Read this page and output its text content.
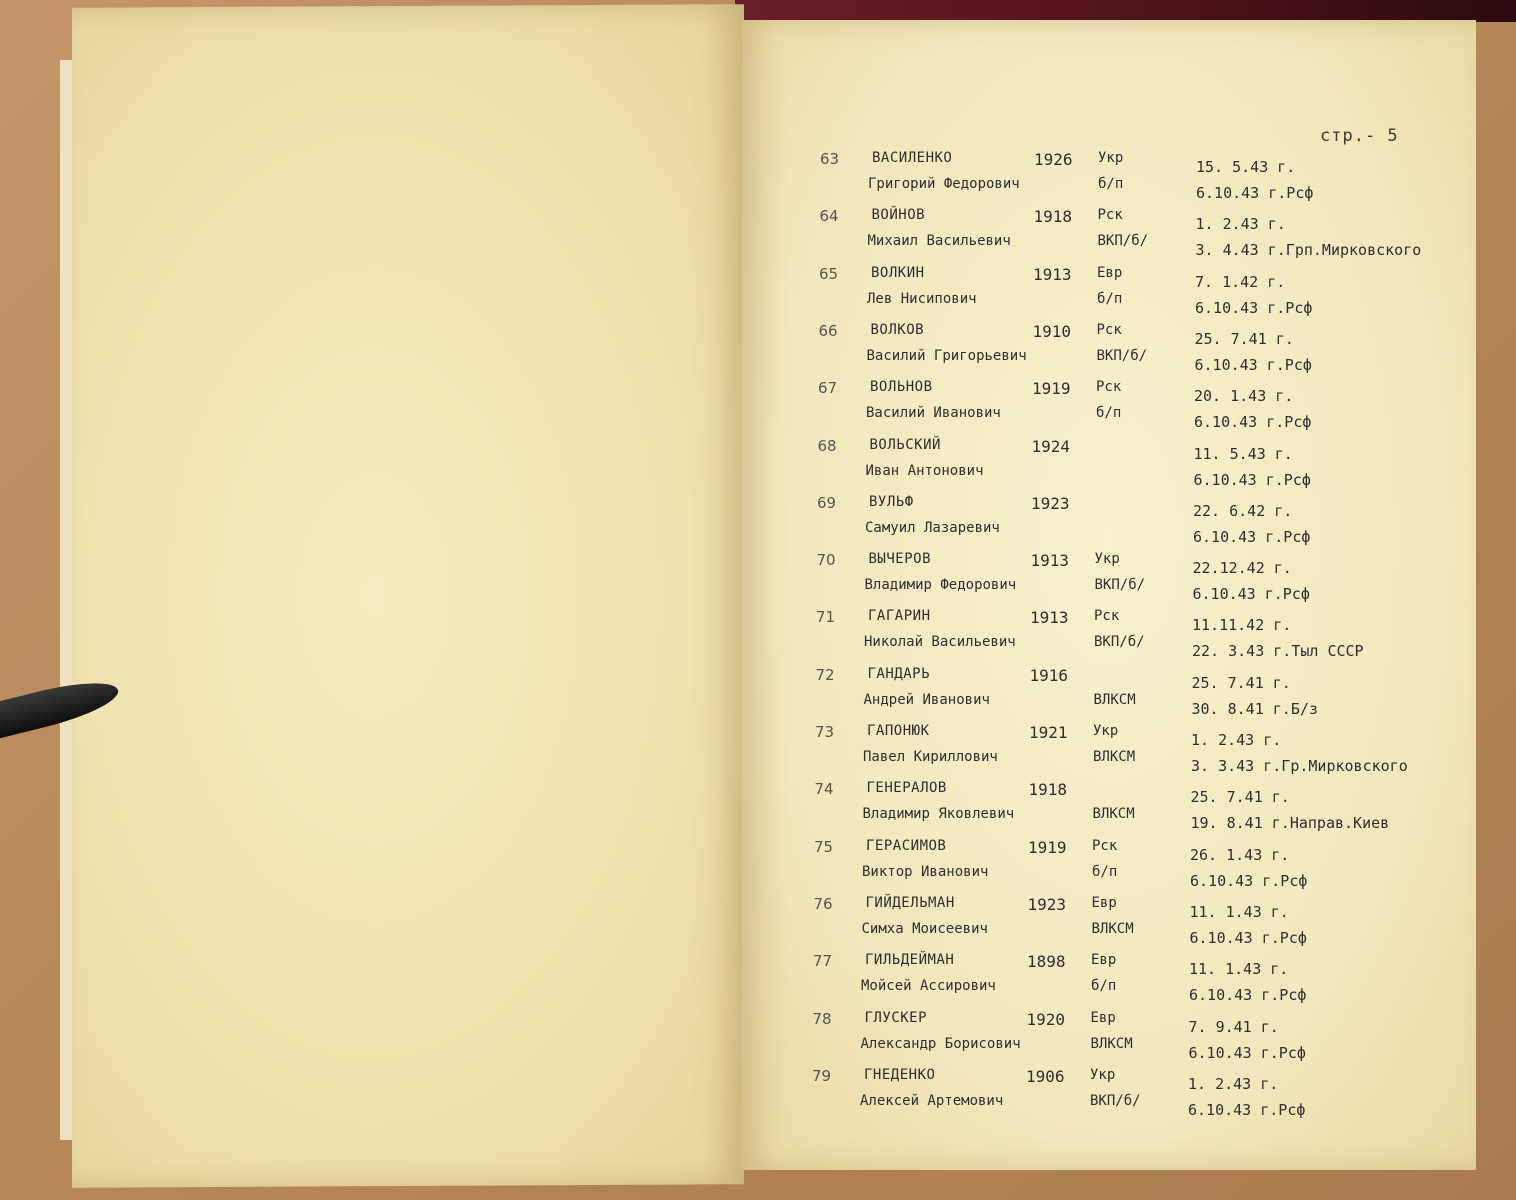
стр.- 5
63 ВАСИЛЕНКО	1926 Укр
Григорий Федорович	б/п
15. 5.43 г.
6.10.43 г.Рсф
64 ВОЙНОВ	1918 Рск
Михаил Васильевич	ВКП/б/
1. 2.43 г.
3. 4.43 г.Грп.Мирковского
65 ВОЛКИН	1913 Евр
Лев Нисипович	б/п
7. 1.42 г.
6.10.43 г.Рсф
66 ВОЛКОВ	1910 Рск
Василий Григорьевич	ВКП/б/
25. 7.41 г.
6.10.43 г.Рсф
67 ВОЛЬНОВ	1919 Рск
Василий Иванович	б/п
20. 1.43 г.
6.10.43 г.Рсф
68 ВОЛЬСКИЙ	1924
Иван Антонович
11. 5.43 г.
6.10.43 г.Рсф
69 ВУЛЬФ	1923
Самуил Лазаревич
22. 6.42 г.
6.10.43 г.Рсф
70 ВЫЧЕРОВ	1913 Укр
Владимир Федорович	ВКП/б/
22.12.42 г.
6.10.43 г.Рсф
71 ГАГАРИН	1913 Рск
Николай Васильевич	ВКП/б/
11.11.42 г.
22. 3.43 г.Тыл СССР
72 ГАНДАРЬ	1916
Андрей Иванович	ВЛКСМ
25. 7.41 г.
30. 8.41 г.Б/з
73 ГАПОНЮК	1921 Укр
Павел Кириллович	ВЛКСМ
1. 2.43 г.
3. 3.43 г.Гр.Мирковского
74 ГЕНЕРАЛОВ	1918
Владимир Яковлевич	ВЛКСМ
25. 7.41 г.
19. 8.41 г.Направ.Киев
75 ГЕРАСИМОВ	1919 Рск
Виктор Иванович	б/п
26. 1.43 г.
6.10.43 г.Рсф
76 ГИЙДЕЛЬМАН	1923 Евр
Симха Моисеевич	ВЛКСМ
11. 1.43 г.
6.10.43 г.Рсф
77 ГИЛЬДЕЙМАН	1898 Евр
Мойсей Ассирович	б/п
11. 1.43 г.
6.10.43 г.Рсф
78 ГЛУСКЕР	1920 Евр
Александр Борисович	ВЛКСМ
7. 9.41 г.
6.10.43 г.Рсф
79 ГНЕДЕНКО	1906 Укр
Алексей Артемович	ВКП/б/
1. 2.43 г.
6.10.43 г.Рсф
